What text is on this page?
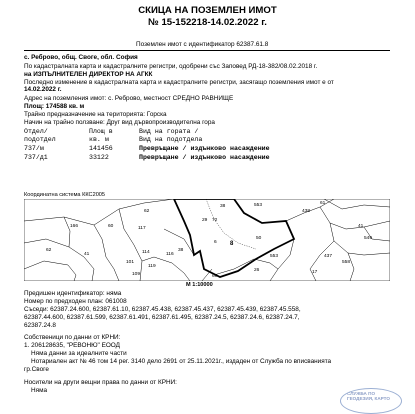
СКИЦА НА ПОЗЕМЛЕН ИМОТ
№ 15-152218-14.02.2022 г.
Поземлен имот с идентификатор 62387.61.8
с. Реброво, общ. Своге, обл. София
По кадастралната карта и кадастралните регистри, одобрени със Заповед РД-18-382/08.02.2018 г.
на ИЗПЪЛНИТЕЛЕН ДИРЕКТОР НА АГКК
Последно изменение в кадастралната карта и кадастралните регистри, засягащо поземления имот е от
14.02.2022 г.
Адрес на поземления имот: с. Реброво, местност СРЕДНО РАВНИЩЕ
Площ: 174588 кв. м
Трайно предназначение на територията: Горска
Начин на трайно ползване: Друг вид дървопроизводителна гора
Отдел/	Площ в	Вид на гората /
подотдел	кв. м	Вид на подотдела
737/м	141456	Превръщане / издънково насаждение
737/д1	33122	Превръщане / издънково насаждение
Координатна система ККС2005
62
72
553
438
61
117
166	60	41
549
437
558
6
116
41
101
114
119
109	69
26	17
50
38
38
553
29
62
8
М 1:10000
Предишен идентификатор: няма
Номер по предходен план: 061008
Съседи: 62387.24.600, 62387.61.10, 62387.45.438, 62387.45.437, 62387.45.439, 62387.45.558,
62387.44.600, 62387.61.599, 62387.61.491, 62387.61.495, 62387.24.5, 62387.24.6, 62387.24.7,
62387.24.8
Собственици по данни от КРНИ:
1. 206128635, "РЕВОНЮ" ЕООД
Няма данни за идеалните части
Нотариален акт № 46 том 14 рег. 3140 дело 2691 от 25.11.2021г., издаден от Служба по вписванията
гр.Своге
Носители на други вещни права по данни от КРНИ:
Няма	СЛУЖБА ПО ГЕОДЕЗИЯ, КАРТО
